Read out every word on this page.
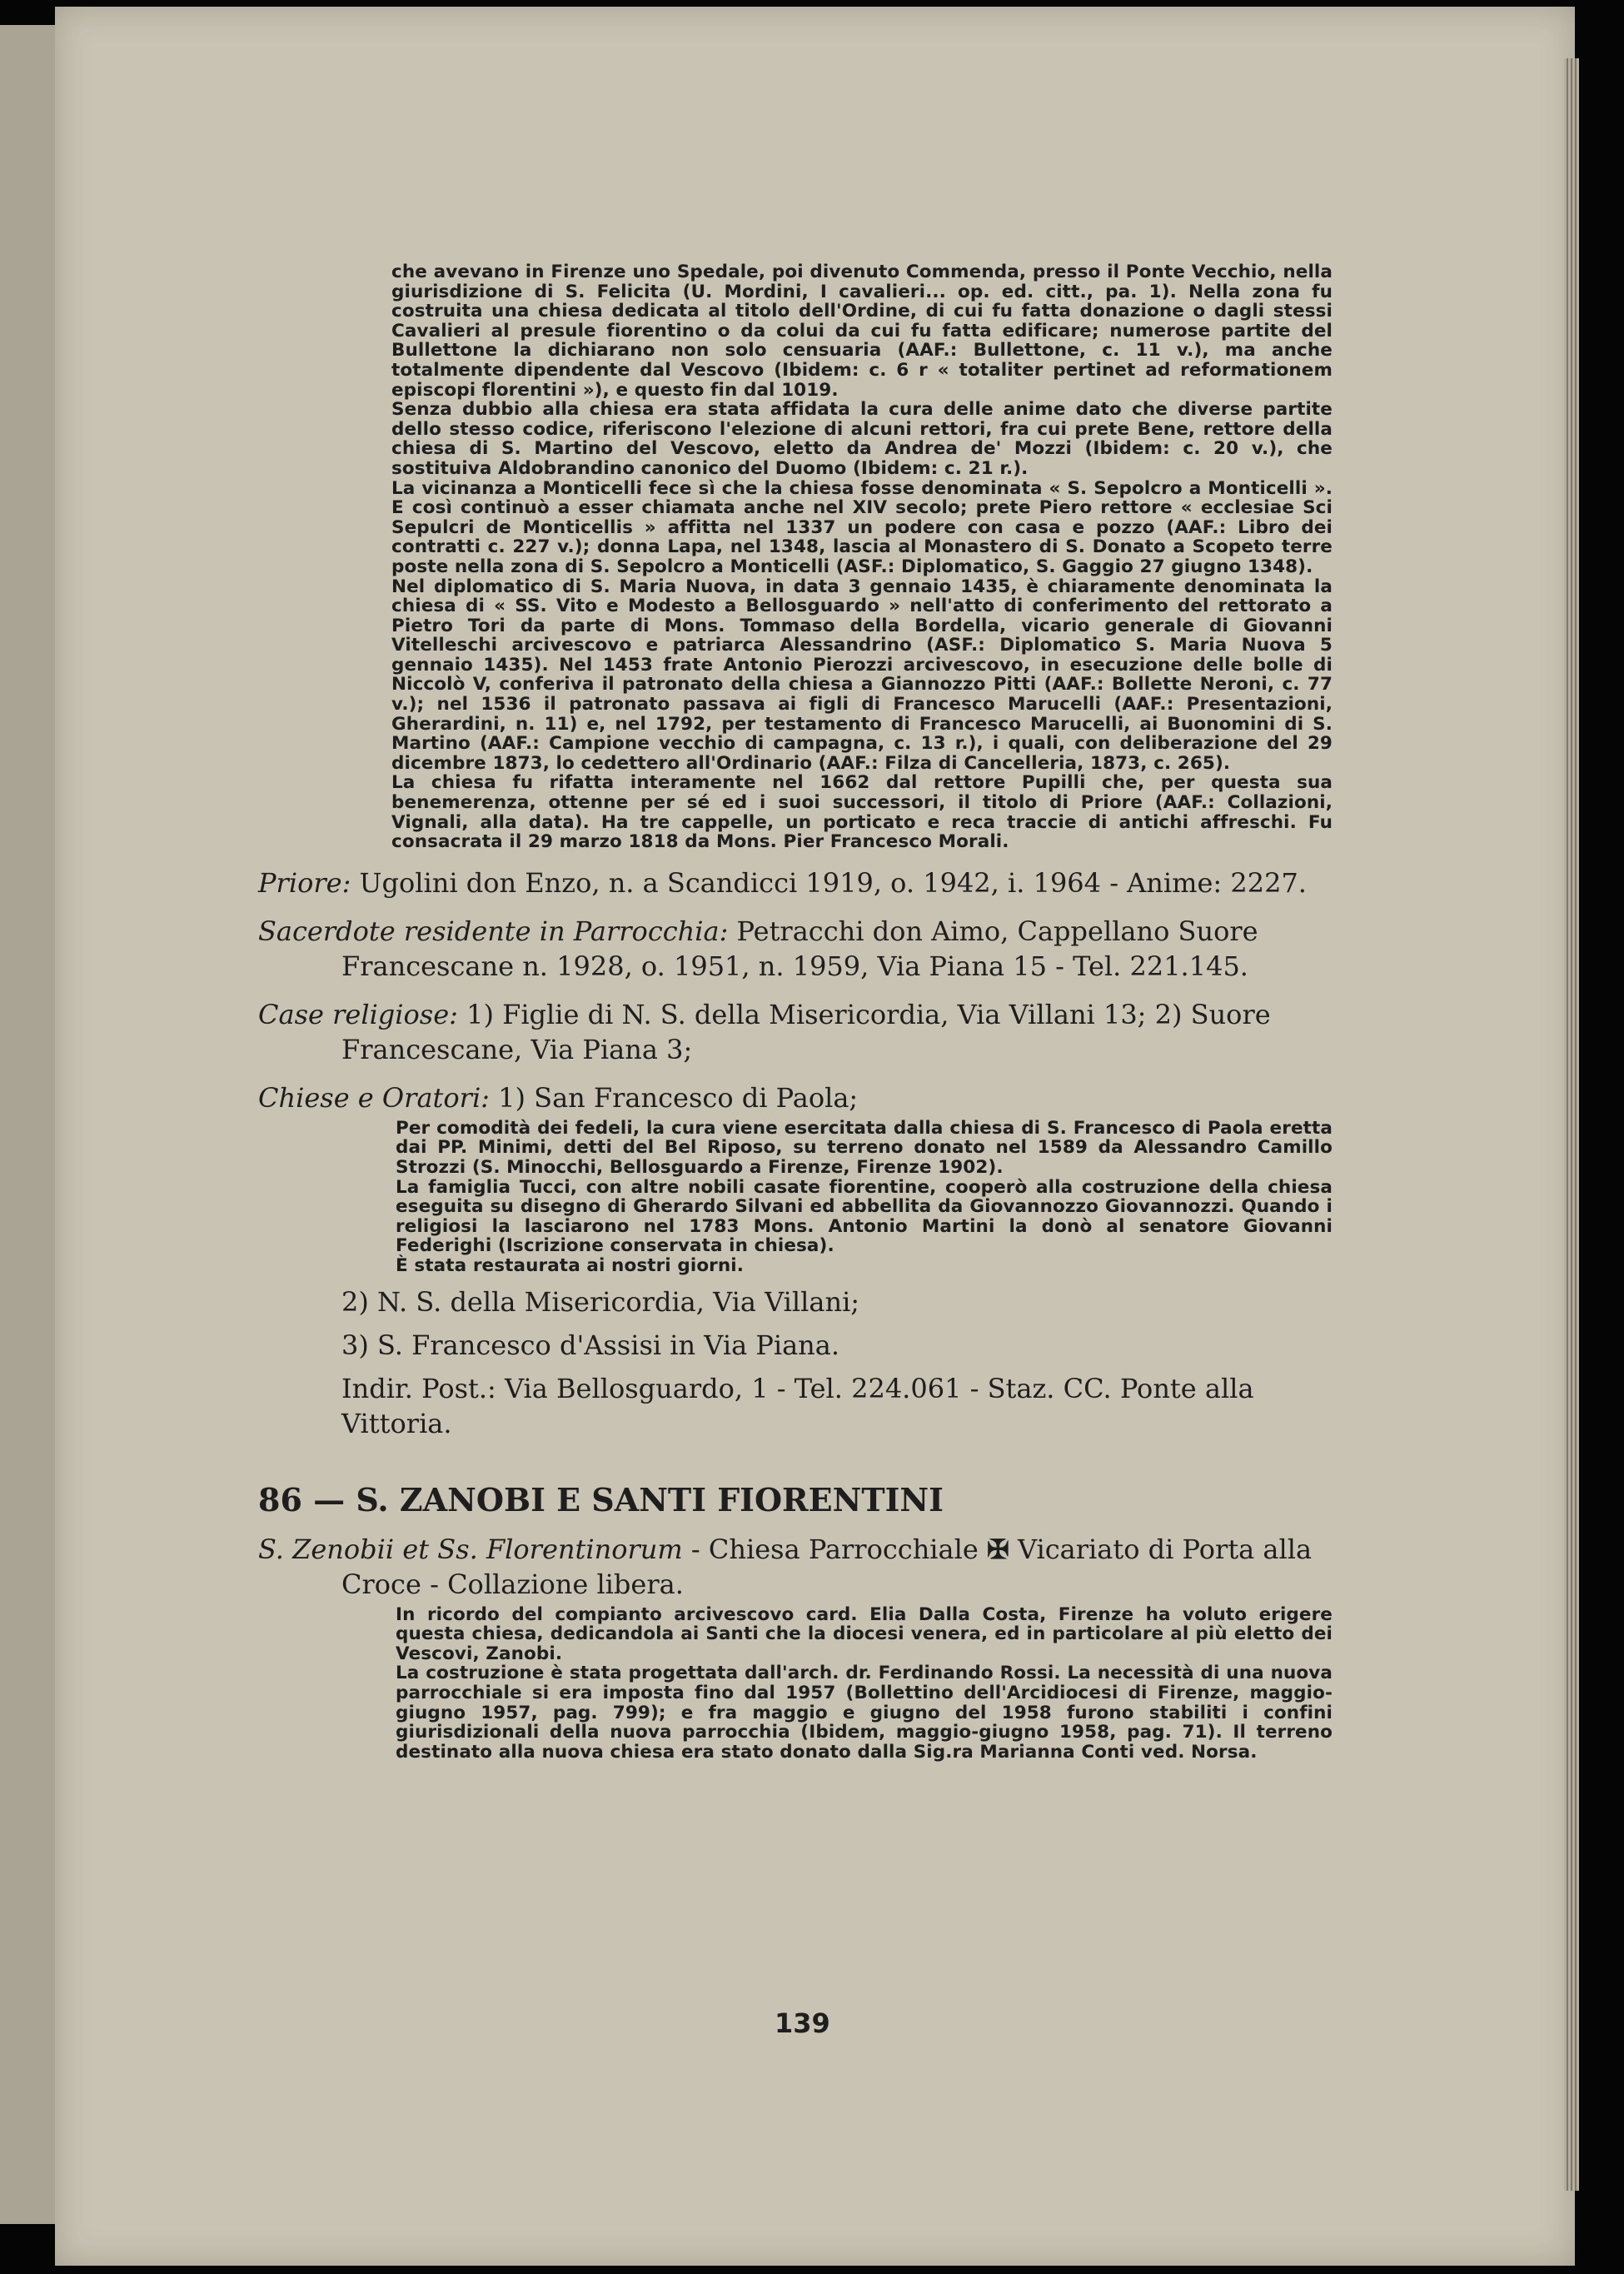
che avevano in Firenze uno Spedale, poi divenuto Commenda, presso il Ponte Vecchio, nella giurisdizione di S. Felicita (U. Mordini, I cavalieri... op. ed. citt., pa. 1). Nella zona fu costruita una chiesa dedicata al titolo dell'Ordine, di cui fu fatta donazione o dagli stessi Cavalieri al presule fiorentino o da colui da cui fu fatta edificare; numerose partite del Bullettone la dichiarano non solo censuaria (AAF.: Bullettone, c. 11 v.), ma anche totalmente dipendente dal Vescovo (Ibidem: c. 6 r « totaliter pertinet ad reformationem episcopi florentini »), e questo fin dal 1019.

Senza dubbio alla chiesa era stata affidata la cura delle anime dato che diverse partite dello stesso codice, riferiscono l'elezione di alcuni rettori, fra cui prete Bene, rettore della chiesa di S. Martino del Vescovo, eletto da Andrea de' Mozzi (Ibidem: c. 20 v.), che sostituiva Aldobrandino canonico del Duomo (Ibidem: c. 21 r.).

La vicinanza a Monticelli fece sì che la chiesa fosse denominata « S. Sepolcro a Monticelli ». E così continuò a esser chiamata anche nel XIV secolo; prete Piero rettore « ecclesiae Sci Sepulcri de Monticellis » affitta nel 1337 un podere con casa e pozzo (AAF.: Libro dei contratti c. 227 v.); donna Lapa, nel 1348, lascia al Monastero di S. Donato a Scopeto terre poste nella zona di S. Sepolcro a Monticelli (ASF.: Diplomatico, S. Gaggio 27 giugno 1348).

Nel diplomatico di S. Maria Nuova, in data 3 gennaio 1435, è chiaramente denominata la chiesa di « SS. Vito e Modesto a Bellosguardo » nell'atto di conferimento del rettorato a Pietro Tori da parte di Mons. Tommaso della Bordella, vicario generale di Giovanni Vitelleschi arcivescovo e patriarca Alessandrino (ASF.: Diplomatico S. Maria Nuova 5 gennaio 1435). Nel 1453 frate Antonio Pierozzi arcivescovo, in esecuzione delle bolle di Niccolò V, conferiva il patronato della chiesa a Giannozzo Pitti (AAF.: Bollette Neroni, c. 77 v.); nel 1536 il patronato passava ai figli di Francesco Marucelli (AAF.: Presentazioni, Gherardini, n. 11) e, nel 1792, per testamento di Francesco Marucelli, ai Buonomini di S. Martino (AAF.: Campione vecchio di campagna, c. 13 r.), i quali, con deliberazione del 29 dicembre 1873, lo cedettero all'Ordinario (AAF.: Filza di Cancelleria, 1873, c. 265).

La chiesa fu rifatta interamente nel 1662 dal rettore Pupilli che, per questa sua benemerenza, ottenne per sé ed i suoi successori, il titolo di Priore (AAF.: Collazioni, Vignali, alla data). Ha tre cappelle, un porticato e reca traccie di antichi affreschi. Fu consacrata il 29 marzo 1818 da Mons. Pier Francesco Morali.

Priore: Ugolini don Enzo, n. a Scandicci 1919, o. 1942, i. 1964 - Anime: 2227.
Sacerdote residente in Parrocchia: Petracchi don Aimo, Cappellano Suore Francescane n. 1928, o. 1951, n. 1959, Via Piana 15 - Tel. 221.145.
Case religiose: 1) Figlie di N. S. della Misericordia, Via Villani 13; 2) Suore Francescane, Via Piana 3;
Chiese e Oratori: 1) San Francesco di Paola;

Per comodità dei fedeli, la cura viene esercitata dalla chiesa di S. Francesco di Paola eretta dai PP. Minimi, detti del Bel Riposo, su terreno donato nel 1589 da Alessandro Camillo Strozzi (S. Minocchi, Bellosguardo a Firenze, Firenze 1902).

La famiglia Tucci, con altre nobili casate fiorentine, cooperò alla costruzione della chiesa eseguita su disegno di Gherardo Silvani ed abbellita da Giovannozzo Giovannozzi. Quando i religiosi la lasciarono nel 1783 Mons. Antonio Martini la donò al senatore Giovanni Federighi (Iscrizione conservata in chiesa).

È stata restaurata ai nostri giorni.

2) N. S. della Misericordia, Via Villani;
3) S. Francesco d'Assisi in Via Piana.
Indir. Post.: Via Bellosguardo, 1 - Tel. 224.061 - Staz. CC. Ponte alla Vittoria.
86 — S. ZANOBI E SANTI FIORENTINI
S. Zenobii et Ss. Florentinorum - Chiesa Parrocchiale ✠ Vicariato di Porta alla Croce - Collazione libera.

In ricordo del compianto arcivescovo card. Elia Dalla Costa, Firenze ha voluto erigere questa chiesa, dedicandola ai Santi che la diocesi venera, ed in particolare al più eletto dei Vescovi, Zanobi.

La costruzione è stata progettata dall'arch. dr. Ferdinando Rossi. La necessità di una nuova parrocchiale si era imposta fino dal 1957 (Bollettino dell'Arcidiocesi di Firenze, maggio-giugno 1957, pag. 799); e fra maggio e giugno del 1958 furono stabiliti i confini giurisdizionali della nuova parrocchia (Ibidem, maggio-giugno 1958, pag. 71). Il terreno destinato alla nuova chiesa era stato donato dalla Sig.ra Marianna Conti ved. Norsa.

139
